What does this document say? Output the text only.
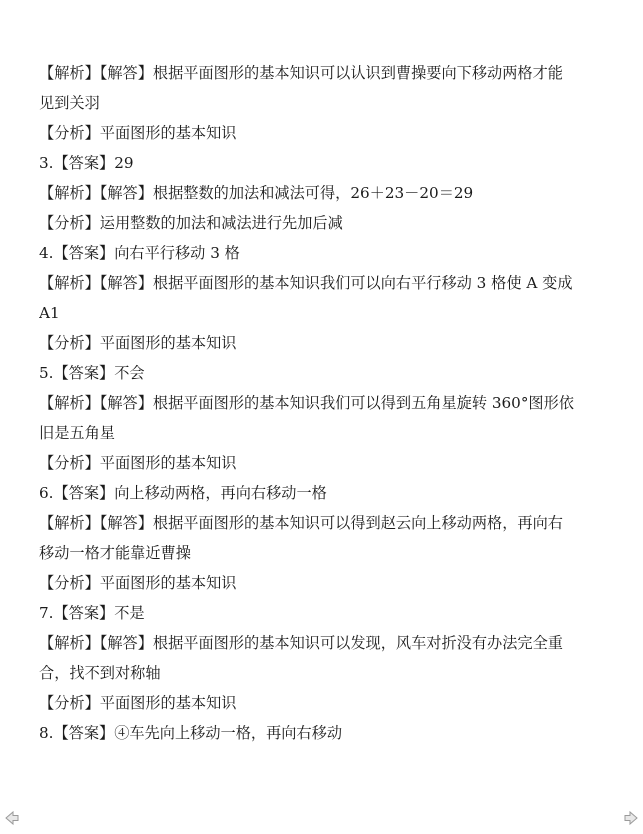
【解析】【解答】根据平面图形的基本知识可以认识到曹操要向下移动两格才能
见到关羽
【分析】平面图形的基本知识
3.【答案】29
【解析】【解答】根据整数的加法和减法可得，26＋23－20＝29
【分析】运用整数的加法和减法进行先加后减
4.【答案】向右平行移动 3 格
【解析】【解答】根据平面图形的基本知识我们可以向右平行移动 3 格使 A 变成
A1
【分析】平面图形的基本知识
5.【答案】不会
【解析】【解答】根据平面图形的基本知识我们可以得到五角星旋转 360°图形依
旧是五角星
【分析】平面图形的基本知识
6.【答案】向上移动两格，再向右移动一格
【解析】【解答】根据平面图形的基本知识可以得到赵云向上移动两格，再向右
移动一格才能靠近曹操
【分析】平面图形的基本知识
7.【答案】不是
【解析】【解答】根据平面图形的基本知识可以发现，风车对折没有办法完全重
合，找不到对称轴
【分析】平面图形的基本知识
8.【答案】④车先向上移动一格，再向右移动
